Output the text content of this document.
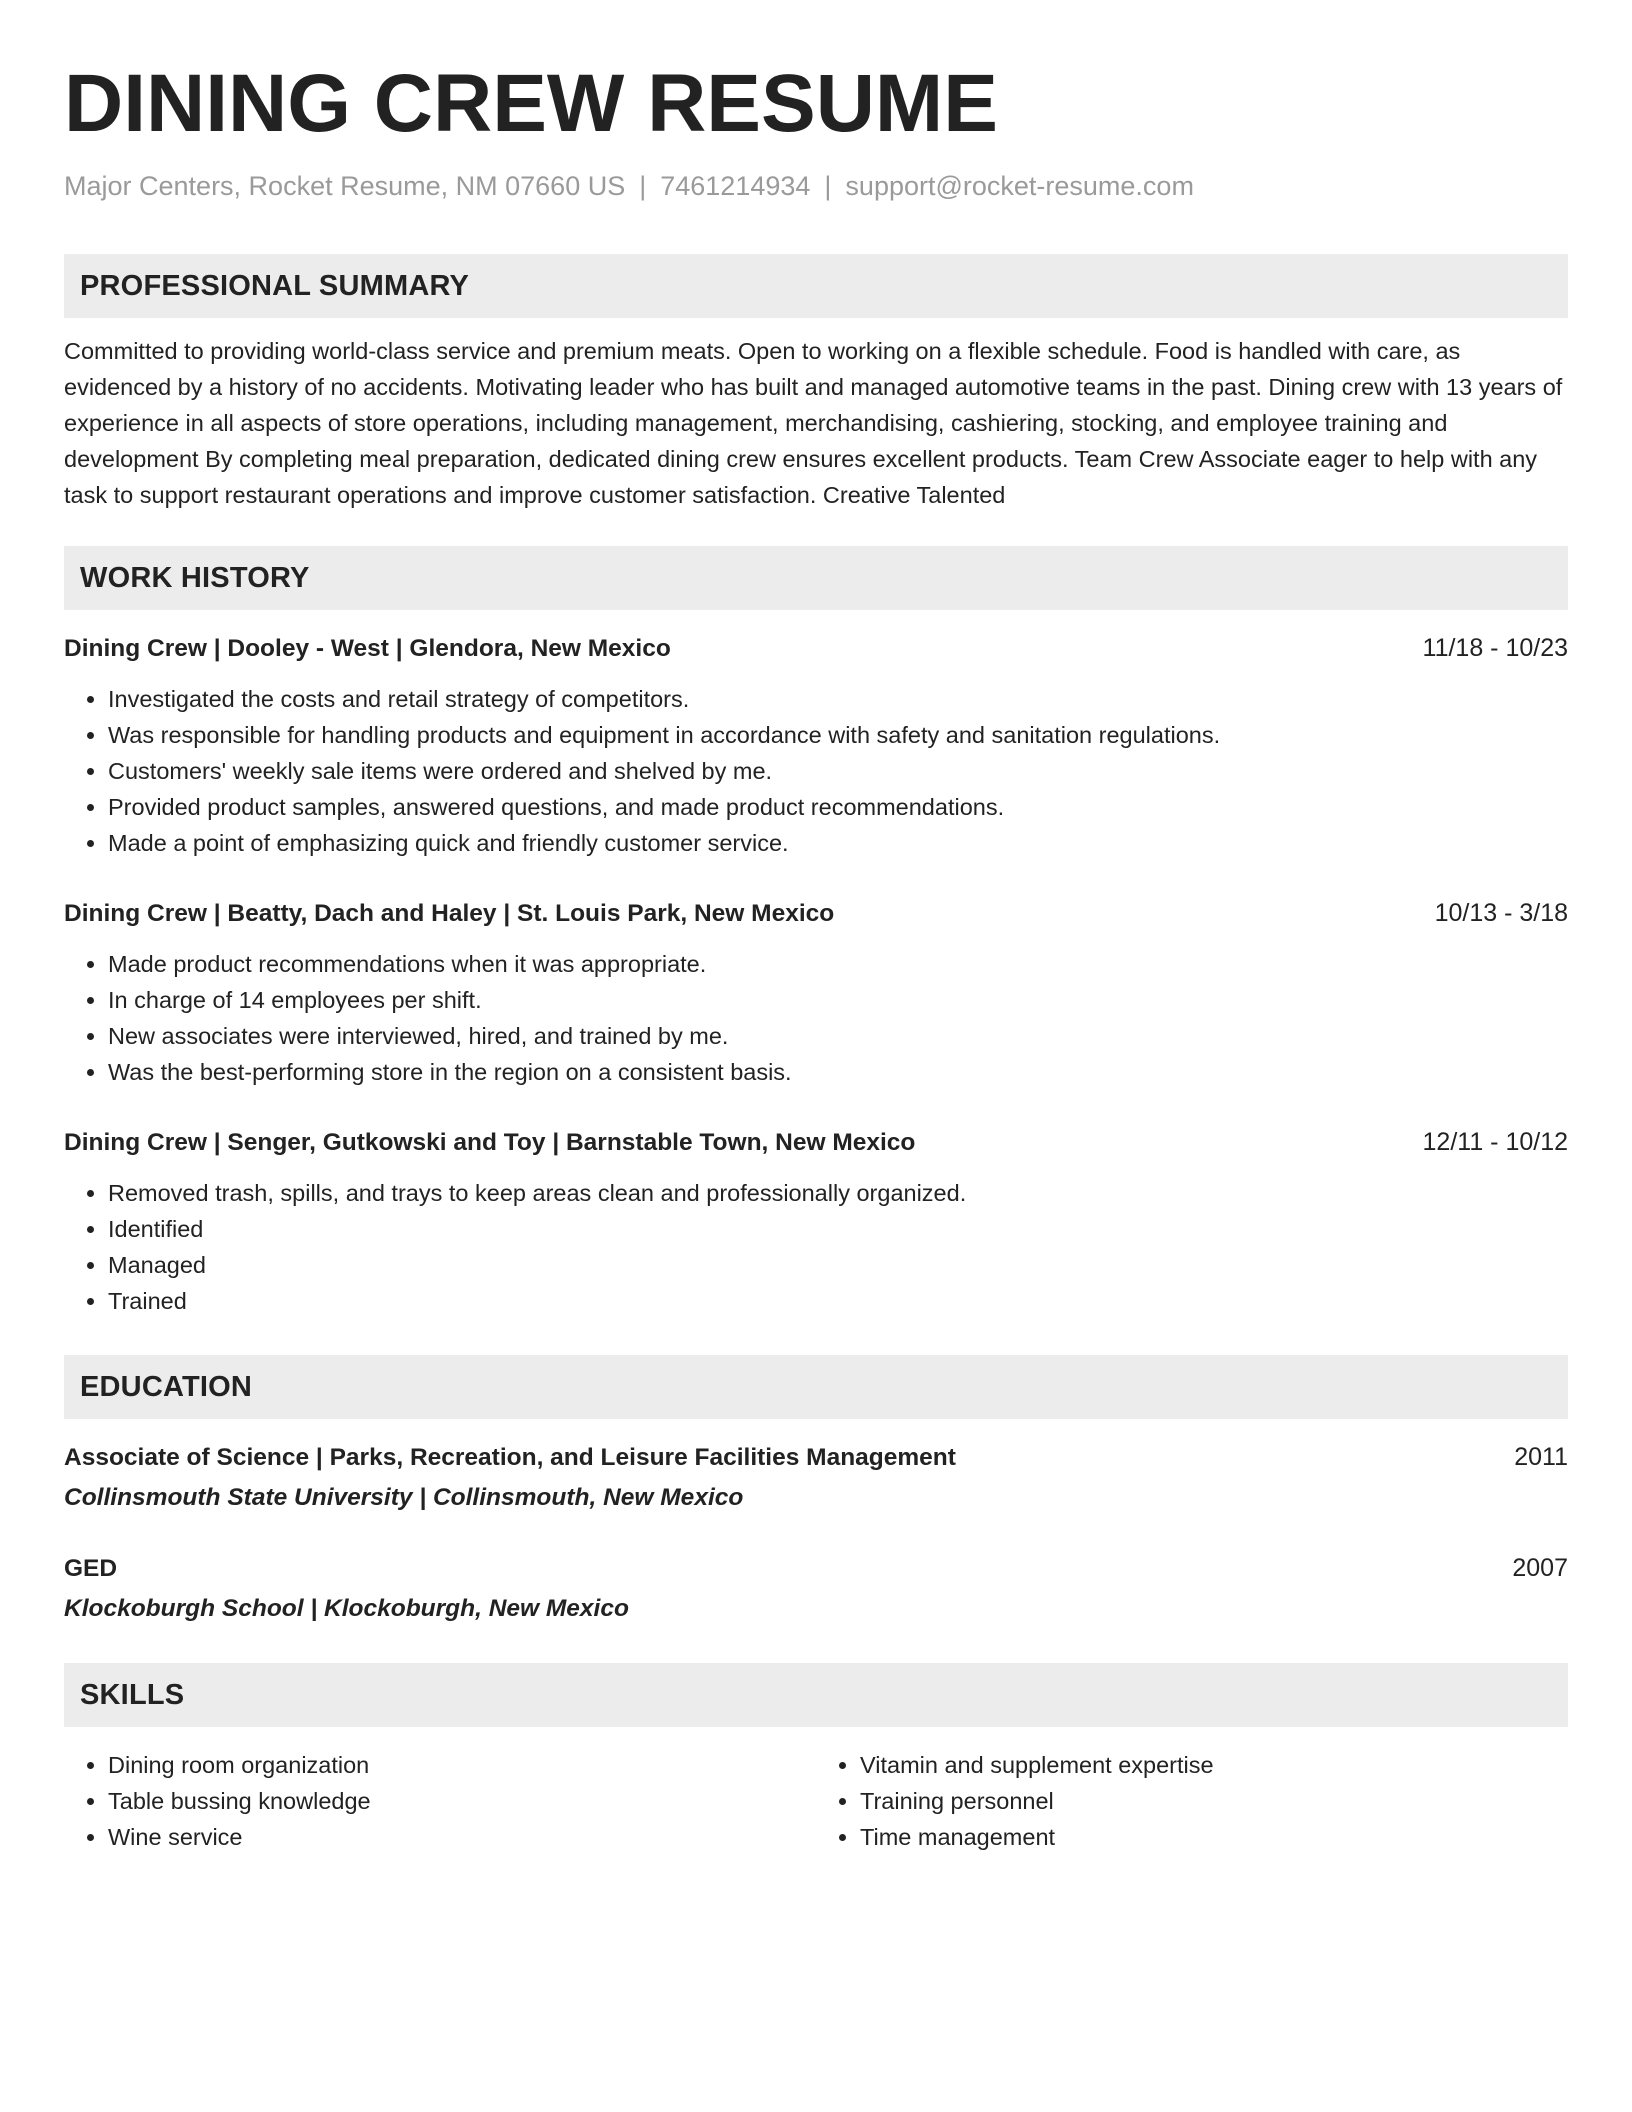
DINING CREW RESUME
Major Centers, Rocket Resume, NM 07660 US | 7461214934 | support@rocket-resume.com
PROFESSIONAL SUMMARY
Committed to providing world-class service and premium meats. Open to working on a flexible schedule. Food is handled with care, as evidenced by a history of no accidents. Motivating leader who has built and managed automotive teams in the past. Dining crew with 13 years of experience in all aspects of store operations, including management, merchandising, cashiering, stocking, and employee training and development By completing meal preparation, dedicated dining crew ensures excellent products. Team Crew Associate eager to help with any task to support restaurant operations and improve customer satisfaction. Creative Talented
WORK HISTORY
Dining Crew | Dooley - West | Glendora, New Mexico	11/18 - 10/23
• Investigated the costs and retail strategy of competitors.
• Was responsible for handling products and equipment in accordance with safety and sanitation regulations.
• Customers' weekly sale items were ordered and shelved by me.
• Provided product samples, answered questions, and made product recommendations.
• Made a point of emphasizing quick and friendly customer service.
Dining Crew | Beatty, Dach and Haley | St. Louis Park, New Mexico	10/13 - 3/18
• Made product recommendations when it was appropriate.
• In charge of 14 employees per shift.
• New associates were interviewed, hired, and trained by me.
• Was the best-performing store in the region on a consistent basis.
Dining Crew | Senger, Gutkowski and Toy | Barnstable Town, New Mexico	12/11 - 10/12
• Removed trash, spills, and trays to keep areas clean and professionally organized.
• Identified
• Managed
• Trained
EDUCATION
Associate of Science | Parks, Recreation, and Leisure Facilities Management	2011
Collinsmouth State University | Collinsmouth, New Mexico
GED	2007
Klockoburgh School | Klockoburgh, New Mexico
SKILLS
• Dining room organization
• Table bussing knowledge
• Wine service
• Vitamin and supplement expertise
• Training personnel
• Time management
